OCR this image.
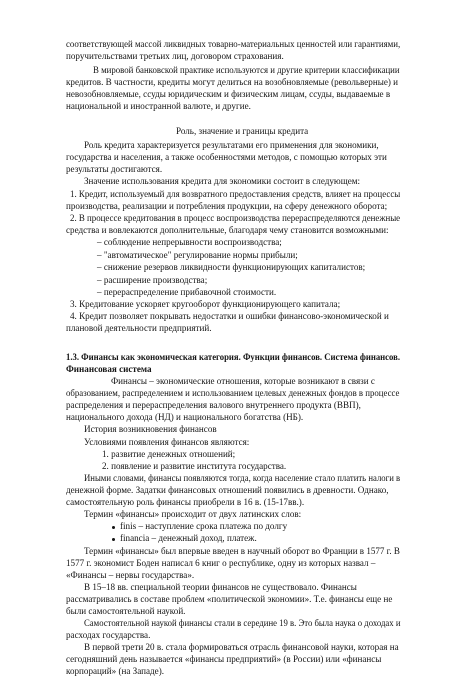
соответствующей массой ликвидных товарно-материальных ценностей или гарантиями,
поручительствами третьих лиц, договором страхования.
В мировой банковской практике используются и другие критерии классификации
кредитов. В частности, кредиты могут делиться на возобновляемые (револьверные) и
невозобновляемые, ссуды юридическим и физическим лицам, ссуды, выдаваемые в
национальной и иностранной валюте, и другие.
Роль, значение и границы кредита
Роль кредита характеризуется результатами его применения для экономики,
государства и населения, а также особенностями методов, с помощью которых эти
результаты достигаются.
Значение использования кредита для экономики состоит в следующем:
1. Кредит, используемый для возвратного предоставления средств, влияет на процессы
производства, реализации и потребления продукции, на сферу денежного оборота;
2. В процессе кредитования в процесс воспроизводства перераспределяются денежные
средства и вовлекаются дополнительные, благодаря чему становится возможными:
– соблюдение непрерывности воспроизводства;
– "автоматическое" регулирование нормы прибыли;
– снижение резервов ликвидности функционирующих капиталистов;
– расширение производства;
– перераспределение прибавочной стоимости.
3. Кредитование ускоряет кругооборот функционирующего капитала;
4. Кредит позволяет покрывать недостатки и ошибки финансово-экономической и
плановой деятельности предприятий.
1.3. Финансы как экономическая категория. Функции финансов. Система финансов.
Финансовая система
Финансы – экономические отношения, которые возникают в связи с
образованием, распределением и использованием целевых денежных фондов в процессе
распределения и перераспределения валового внутреннего продукта (ВВП),
национального дохода (НД) и национального богатства (НБ).
История возникновения финансов
Условиями появления финансов являются:
1. развитие денежных отношений;
2. появление и развитие института государства.
Иными словами, финансы появляются тогда, когда население стало платить налоги в
денежной форме. Задатки финансовых отношений появились в древности. Однако,
самостоятельную роль финансы приобрели в 16 в. (15-17вв.).
Термин «финансы» происходит от двух латинских слов:
finis – наступление срока платежа по долгу
financia – денежный доход, платеж.
Термин «финансы» был впервые введен в научный оборот во Франции в 1577 г. В
1577 г. экономист Боден написал 6 книг о республике, одну из которых назвал –
«Финансы – нервы государства».
В 15–18 вв. специальной теории финансов не существовало. Финансы
рассматривались в составе проблем «политической экономии». Т.е. финансы еще не
были самостоятельной наукой.
Самостоятельной наукой финансы стали в середине 19 в. Это была наука о доходах и
расходах государства.
В первой трети 20 в. стала формироваться отрасль финансовой науки, которая на
сегодняшний день называется «финансы предприятий» (в России) или «финансы
корпораций» (на Западе).
